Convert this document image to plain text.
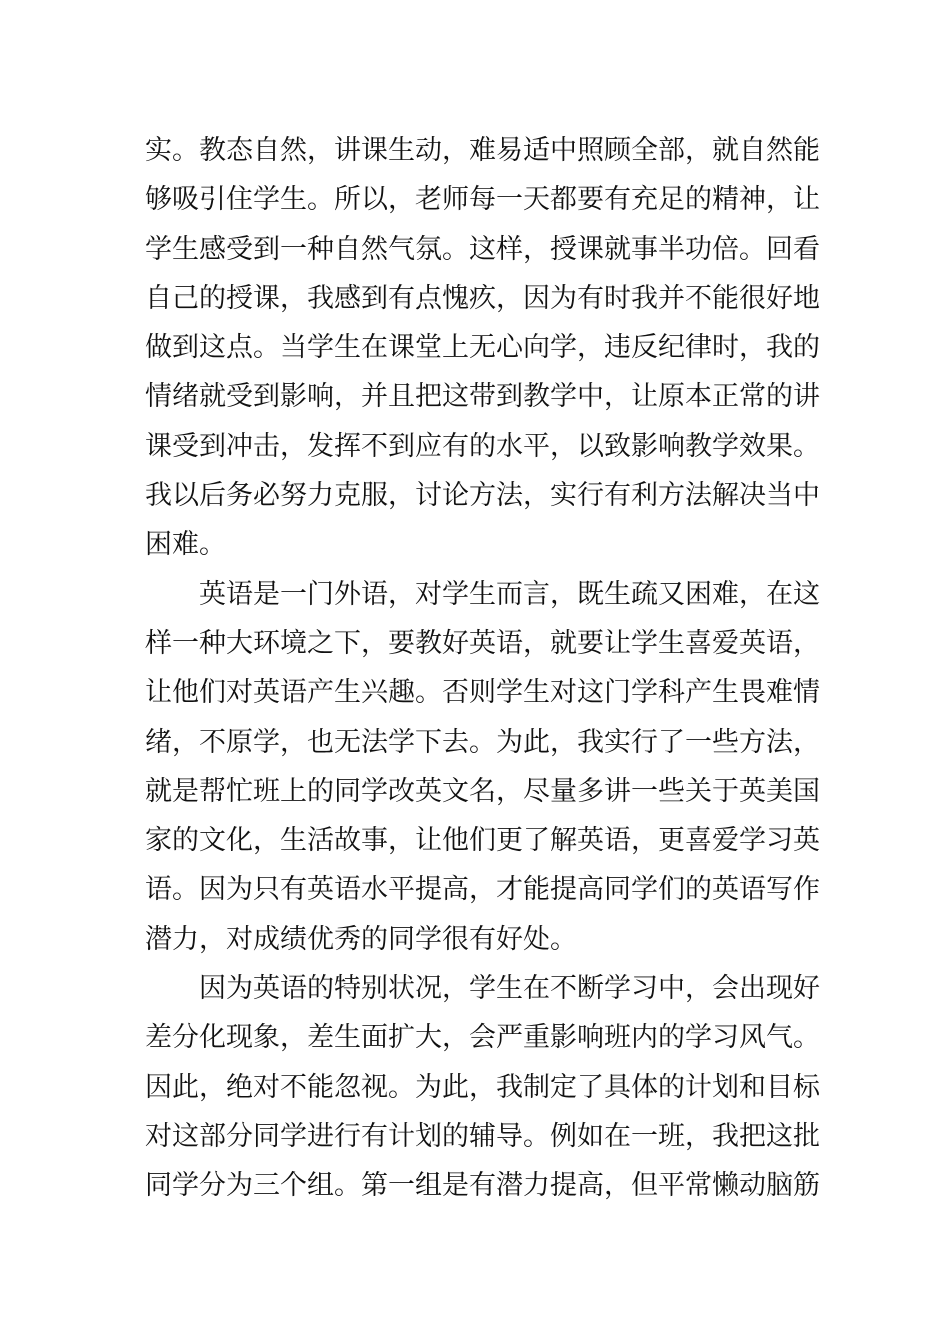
实。教态自然，讲课生动，难易适中照顾全部，就自然能
够吸引住学生。所以，老师每一天都要有充足的精神，让
学生感受到一种自然气氛。这样，授课就事半功倍。回看
自己的授课，我感到有点愧疚，因为有时我并不能很好地
做到这点。当学生在课堂上无心向学，违反纪律时，我的
情绪就受到影响，并且把这带到教学中，让原本正常的讲
课受到冲击，发挥不到应有的水平，以致影响教学效果。
我以后务必努力克服，讨论方法，实行有利方法解决当中
困难。
英语是一门外语，对学生而言，既生疏又困难，在这
样一种大环境之下，要教好英语，就要让学生喜爱英语，
让他们对英语产生兴趣。否则学生对这门学科产生畏难情
绪，不原学，也无法学下去。为此，我实行了一些方法，
就是帮忙班上的同学改英文名，尽量多讲一些关于英美国
家的文化，生活故事，让他们更了解英语，更喜爱学习英
语。因为只有英语水平提高，才能提高同学们的英语写作
潜力，对成绩优秀的同学很有好处。
因为英语的特别状况，学生在不断学习中，会出现好
差分化现象，差生面扩大，会严重影响班内的学习风气。
因此，绝对不能忽视。为此，我制定了具体的计划和目标
对这部分同学进行有计划的辅导。例如在一班，我把这批
同学分为三个组。第一组是有潜力提高，但平常懒动脑筋
